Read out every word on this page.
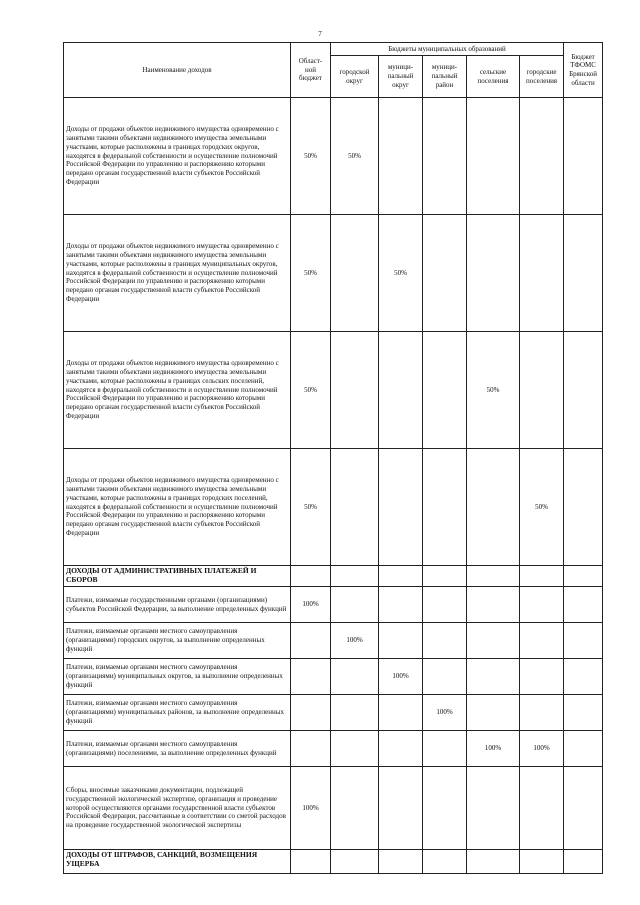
7
Наименование доходов	Област- ной бюджет	Бюджеты муниципальных образований					Бюджет ТФОМС Брянской области
		городской округ	муници- пальный округ	муници- пальный район	сельские поселения	городские поселения	
Доходы от продажи объектов недвижимого имущества одновременно с занятыми такими объектами недвижимого имущества земельными участками, которые расположены в границах городских округов, находятся в федеральной собственности и осуществление полномочий Российской Федерации по управлению и распоряжению которыми передано органам государственной власти субъектов Российской Федерации	50%	50%					
Доходы от продажи объектов недвижимого имущества одновременно с занятыми такими объектами недвижимого имущества земельными участками, которые расположены в границах муниципальных округов, находятся в федеральной собственности и осуществление полномочий Российской Федерации по управлению и распоряжению которыми передано органам государственной власти субъектов Российской Федерации	50%		50%				
Доходы от продажи объектов недвижимого имущества одновременно с занятыми такими объектами недвижимого имущества земельными участками, которые расположены в границах сельских поселений, находятся в федеральной собственности и осуществление полномочий Российской Федерации по управлению и распоряжению которыми передано органам государственной власти субъектов Российской Федерации	50%				50%		
Доходы от продажи объектов недвижимого имущества одновременно с занятыми такими объектами недвижимого имущества земельными участками, которые расположены в границах городских поселений, находятся в федеральной собственности и осуществление полномочий Российской Федерации по управлению и распоряжению которыми передано органам государственной власти субъектов Российской Федерации	50%					50%	
ДОХОДЫ ОТ АДМИНИСТРАТИВНЫХ ПЛАТЕЖЕЙ И СБОРОВ							
Платежи, взимаемые государственными органами (организациями) субъектов Российской Федерации, за выполнение определенных функций	100%						
Платежи, взимаемые органами местного самоуправления (организациями) городских округов, за выполнение определенных функций		100%					
Платежи, взимаемые органами местного самоуправления (организациями) муниципальных округов, за выполнение определенных функций			100%				
Платежи, взимаемые органами местного самоуправления (организациями) муниципальных районов, за выполнение определенных функций				100%			
Платежи, взимаемые органами местного самоуправления (организациями) поселениями, за выполнение определенных функций					100%	100%	
Сборы, вносимые заказчиками документации, подлежащей государственной экологической экспертизе, организация и проведение которой осуществляются органами государственной власти субъектов Российской Федерации, рассчитанные в соответствии со сметой расходов на проведение государственной экологической экспертизы	100%						
ДОХОДЫ ОТ ШТРАФОВ, САНКЦИЙ, ВОЗМЕЩЕНИЯ УЩЕРБА							
